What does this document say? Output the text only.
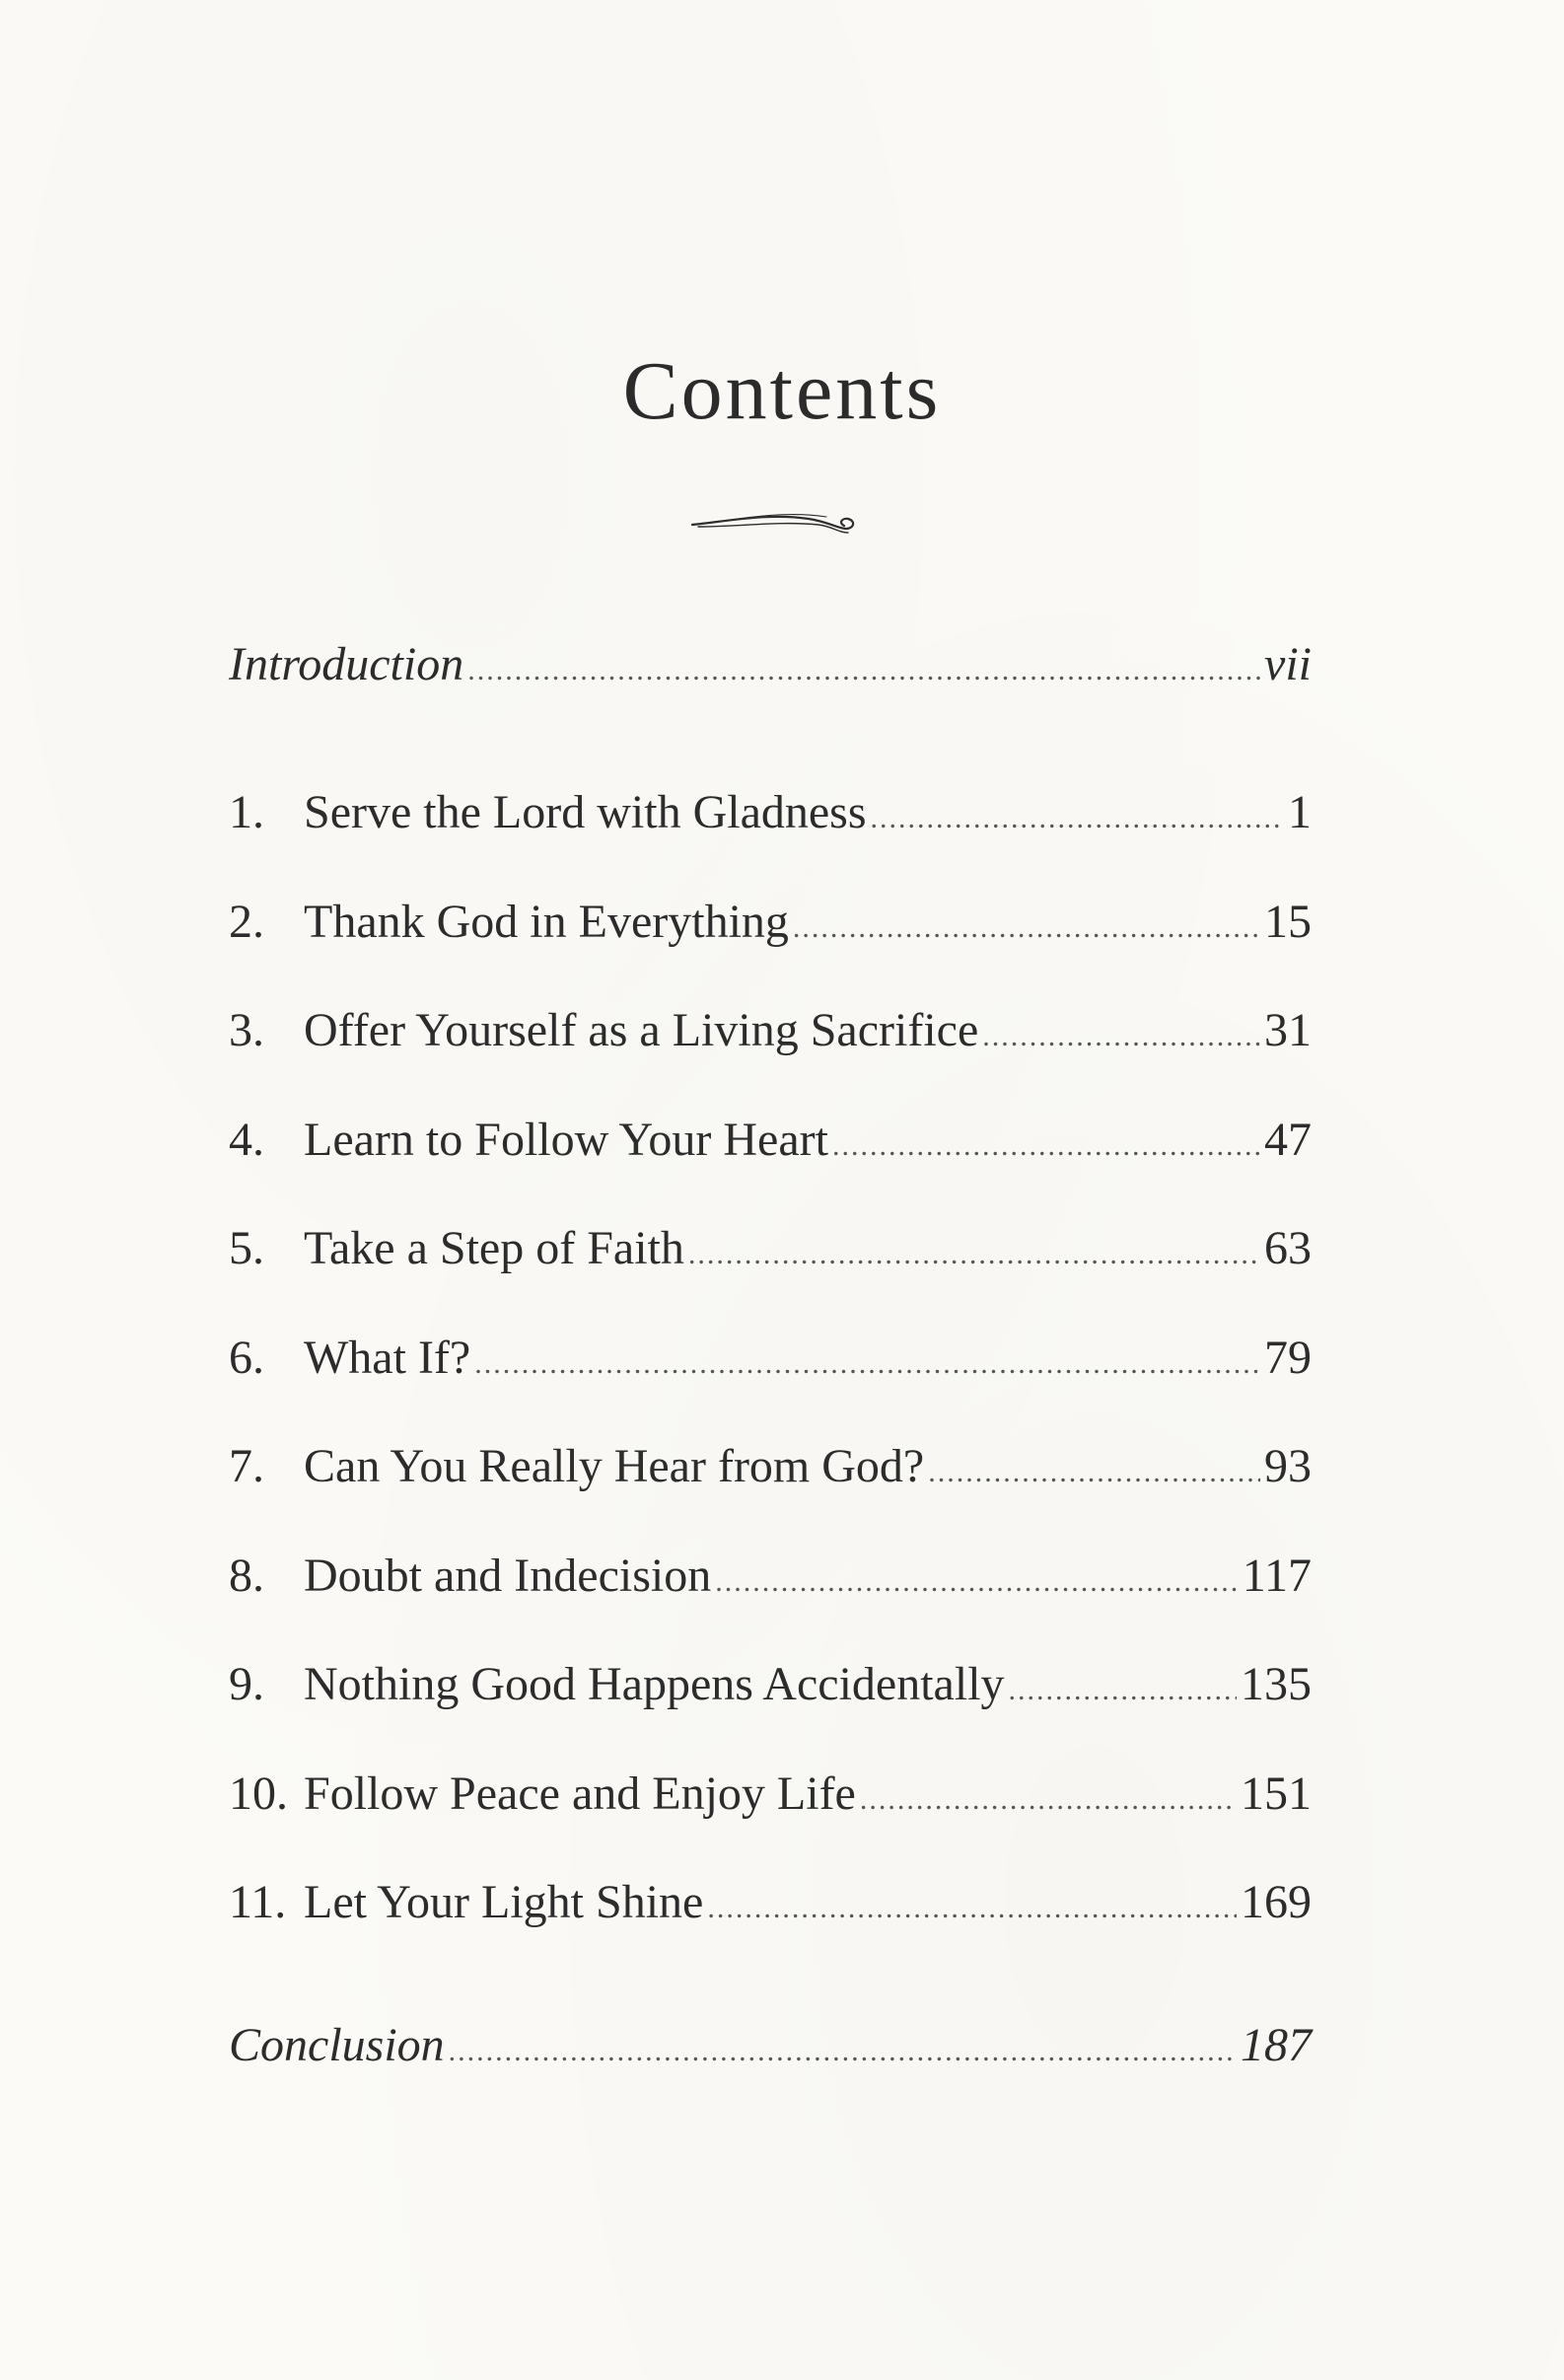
Contents
Introduction .....	vii
1. Serve the Lord with Gladness .....	1
2. Thank God in Everything .....	15
3. Offer Yourself as a Living Sacrifice .....	31
4. Learn to Follow Your Heart .....	47
5. Take a Step of Faith .....	63
6. What If? .....	79
7. Can You Really Hear from God? .....	93
8. Doubt and Indecision .....	117
9. Nothing Good Happens Accidentally .....	135
10. Follow Peace and Enjoy Life .....	151
11. Let Your Light Shine .....	169
Conclusion .....	187
